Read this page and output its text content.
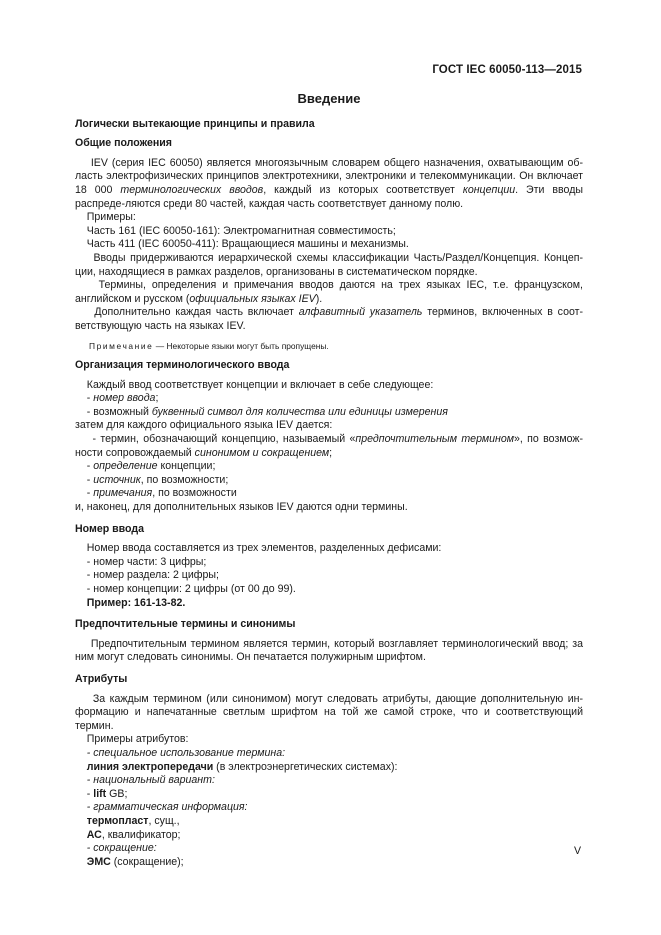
ГОСТ IEC 60050-113—2015
Введение
Логически вытекающие принципы и правила
Общие положения

IEV (серия IEC 60050) является многоязычным словарем общего назначения, охватывающим об-ласть электрофизических принципов электротехники, электроники и телекоммуникации. Он включает 18 000 терминологических вводов, каждый из которых соответствует концепции. Эти вводы распреде-ляются среди 80 частей, каждая часть соответствует данному полю.

Примеры:

Часть 161 (IEC 60050-161): Электромагнитная совместимость;

Часть 411 (IEC 60050-411): Вращающиеся машины и механизмы.

Вводы придерживаются иерархической схемы классификации Часть/Раздел/Концепция. Концеп-ции, находящиеся в рамках разделов, организованы в систематическом порядке.

Термины, определения и примечания вводов даются на трех языках IEC, т.е. французском, английском и русском (официальных языках IEV).

Дополнительно каждая часть включает алфавитный указатель терминов, включенных в соот-ветствующую часть на языках IEV.

Примечание — Некоторые языки могут быть пропущены.

Организация терминологического ввода

Каждый ввод соответствует концепции и включает в себе следующее:

- номер ввода;

- возможный буквенный символ для количества или единицы измерения

затем для каждого официального языка IEV дается:

- термин, обозначающий концепцию, называемый «предпочтительным термином», по возмож-ности сопровождаемый синонимом и сокращением;

- определение концепции;

- источник, по возможности;

- примечания, по возможности

и, наконец, для дополнительных языков IEV даются одни термины.

Номер ввода

Номер ввода составляется из трех элементов, разделенных дефисами:

- номер части: 3 цифры;

- номер раздела: 2 цифры;

- номер концепции: 2 цифры (от 00 до 99).

Пример: 161-13-82.

Предпочтительные термины и синонимы

Предпочтительным термином является термин, который возглавляет терминологический ввод; за ним могут следовать синонимы. Он печатается полужирным шрифтом.

Атрибуты

За каждым термином (или синонимом) могут следовать атрибуты, дающие дополнительную ин-формацию и напечатанные светлым шрифтом на той же самой строке, что и соответствующий термин.

Примеры атрибутов:

- специальное использование термина:

линия электропередачи (в электроэнергетических системах):

- национальный вариант:

- lift GB;

- грамматическая информация:

термопласт, сущ.,

АС, квалификатор;

- сокращение:

ЭМС (сокращение);

V
